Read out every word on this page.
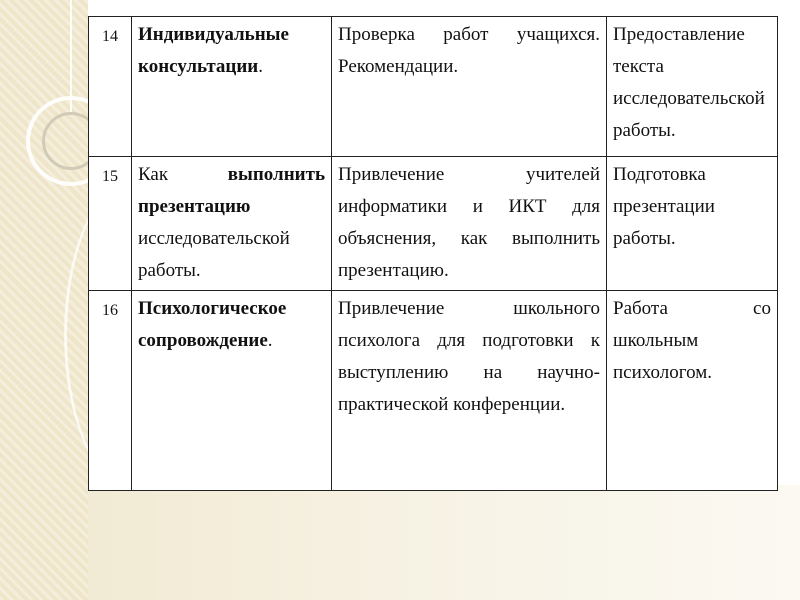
14	Индивидуальные консультации.	Проверка работ учащихся. Рекомендации.	Предоставление текста исследовательской работы.
15	Как выполнить презентацию исследовательской работы.	Привлечение учителей информатики и ИКТ для объяснения, как выполнить презентацию.	Подготовка презентации работы.
16	Психологическое сопровождение.	Привлечение школьного психолога для подготовки к выступлению на научно-практической конференции.	Работа со школьным психологом.
